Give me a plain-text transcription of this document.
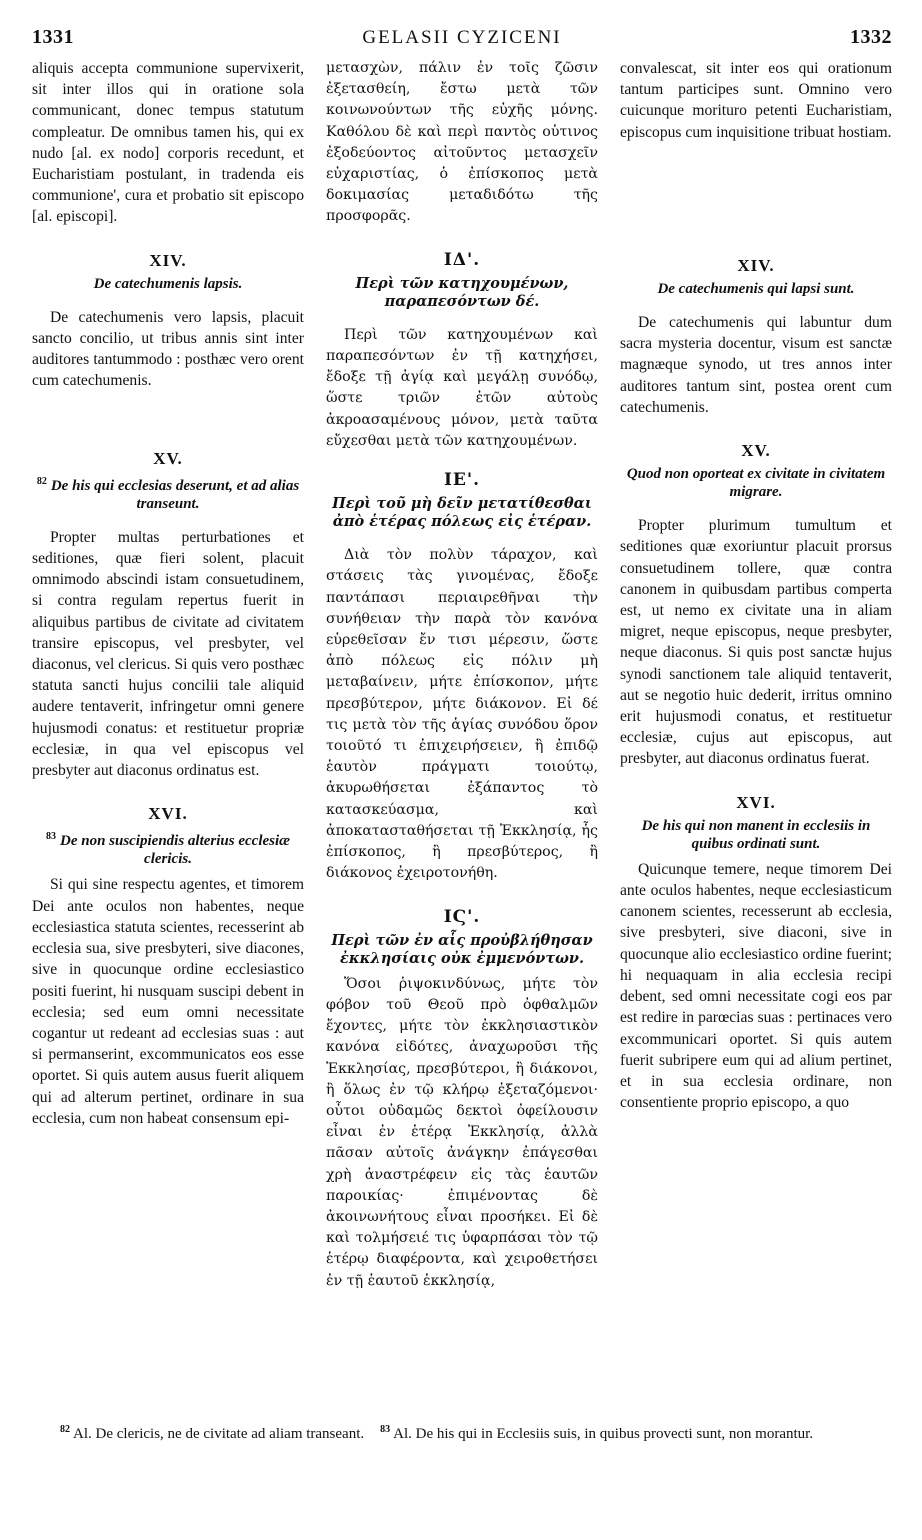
1331	GELASII CYZICENI	1332

aliquis accepta communione supervixerit, sit inter illos qui in oratione sola communicant, donec tempus statutum compleatur. De omnibus tamen his, qui ex nudo [al. ex nodo] corporis recedunt, et Eucharistiam postulant, in tradenda eis communione', cura et probatio sit episcopo [al. episcopi].

XIV.
De catechumenis lapsis.

De catechumenis vero lapsis, placuit sancto concilio, ut tribus annis sint inter auditores tantummodo : posthæc vero orent cum catechumenis.

XV.
$^{82}$ De his qui ecclesias deserunt, et ad alias transeunt.

Propter multas perturbationes et seditiones, quæ fieri solent, placuit omnimodo abscindi istam consuetudinem, si contra regulam repertus fuerit in aliquibus partibus de civitate ad civitatem transire episcopus, vel presbyter, vel diaconus, vel clericus. Si quis vero posthæc statuta sancti hujus concilii tale aliquid audere tentaverit, infringetur omni genere hujusmodi conatus: et restituetur propriæ ecclesiæ, in qua vel episcopus vel presbyter aut diaconus ordinatus est.

XVI.
$^{83}$ De non suscipiendis alterius ecclesiæ clericis.

Si qui sine respectu agentes, et timorem Dei ante oculos non habentes, neque ecclesiastica statuta scientes, recesserint ab ecclesia sua, sive presbyteri, sive diacones, sive in quocunque ordine ecclesiastico positi fuerint, hi nusquam suscipi debent in ecclesia; sed eum omni necessitate cogantur ut redeant ad ecclesias suas : aut si permanserint, excommunicatos eos esse oportet. Si quis autem ausus fuerit aliquem qui ad alterum pertinet, ordinare in sua ecclesia, cum non habeat consensum epi-

μετασχὼν, πάλιν ἐν τοῖς ζῶσιν ἐξετασθείη, ἔστω μετὰ τῶν κοινωνούντων τῆς εὐχῆς μόνης. Καθόλου δὲ καὶ περὶ παντὸς οὑτινος ἐξοδεύοντος αἰτοῦντος μετασχεῖν εὐχαριστίας, ὁ ἐπίσκοπος μετὰ δοκιμασίας μεταδιδότω τῆς προσφορᾶς.

ΙΔ'.
Περὶ τῶν κατηχουμένων, παραπεσόντων δέ.

Περὶ τῶν κατηχουμένων καὶ παραπεσόντων ἐν τῇ κατηχήσει, ἔδοξε τῇ ἁγίᾳ καὶ μεγάλῃ συνόδῳ, ὥστε τριῶν ἐτῶν αὐτοὺς ἀκροασαμένους μόνον, μετὰ ταῦτα εὔχεσθαι μετὰ τῶν κατηχουμένων.

ΙΕ'.
Περὶ τοῦ μὴ δεῖν μετατίθεσθαι ἀπὸ ἑτέρας πόλεως εἰς ἑτέραν.

Διὰ τὸν πολὺν τάραχον, καὶ στάσεις τὰς γινομένας, ἔδοξε παντάπασι περιαιρεθῆναι τὴν συνήθειαν τὴν παρὰ τὸν κανόνα εὑρεθεῖσαν ἔν τισι μέρεσιν, ὥστε ἀπὸ πόλεως εἰς πόλιν μὴ μεταβαίνειν, μήτε ἐπίσκοπον, μήτε πρεσβύτερον, μήτε διάκονον. Εἰ δέ τις μετὰ τὸν τῆς ἁγίας συνόδου ὅρον τοιοῦτό τι ἐπιχειρήσειεν, ἢ ἐπιδῷ ἑαυτὸν πράγματι τοιούτῳ, ἀκυρωθήσεται ἐξάπαντος τὸ κατασκεύασμα, καὶ ἀποκατασταθήσεται τῇ Ἐκκλησίᾳ, ἧς ἐπίσκοπος, ἢ πρεσβύτερος, ἢ διάκονος ἐχειροτονήθη.

ΙϚ'.
Περὶ τῶν ἐν αἷς προὐβλήθησαν ἐκκλησίαις οὐκ ἐμμενόντων.

Ὅσοι ῥιψοκινδύνως, μήτε τὸν φόβον τοῦ Θεοῦ πρὸ ὀφθαλμῶν ἔχοντες, μήτε τὸν ἐκκλησιαστικὸν κανόνα εἰδότες, ἀναχωροῦσι τῆς Ἐκκλησίας, πρεσβύτεροι, ἢ διάκονοι, ἢ ὅλως ἐν τῷ κλήρῳ ἐξεταζόμενοι· οὗτοι οὐδαμῶς δεκτοὶ ὀφείλουσιν εἶναι ἐν ἑτέρᾳ Ἐκκλησίᾳ, ἀλλὰ πᾶσαν αὐτοῖς ἀνάγκην ἐπάγεσθαι χρὴ ἀναστρέφειν εἰς τὰς ἑαυτῶν παροικίας· ἐπιμένοντας δὲ ἀκοινωνήτους εἶναι προσήκει. Εἰ δὲ καὶ τολμήσειέ τις ὑφαρπάσαι τὸν τῷ ἑτέρῳ διαφέροντα, καὶ χειροθετήσει ἐν τῇ ἑαυτοῦ ἐκκλησίᾳ,

convalescat, sit inter eos qui orationum tantum participes sunt. Omnino vero cuicunque morituro petenti Eucharistiam, episcopus cum inquisitione tribuat hostiam.

XIV.
De catechumenis qui lapsi sunt.

De catechumenis qui labuntur dum sacra mysteria docentur, visum est sanctæ magnæque synodo, ut tres annos inter auditores tantum sint, postea orent cum catechumenis.

XV.
Quod non oporteat ex civitate in civitatem migrare.

Propter plurimum tumultum et seditiones quæ exoriuntur placuit prorsus consuetudinem tollere, quæ contra canonem in quibusdam partibus comperta est, ut nemo ex civitate una in aliam migret, neque episcopus, neque presbyter, neque diaconus. Si quis post sanctæ hujus synodi sanctionem tale aliquid tentaverit, aut se negotio huic dederit, irritus omnino erit hujusmodi conatus, et restituetur ecclesiæ, cujus aut episcopus, aut presbyter, aut diaconus ordinatus fuerat.

XVI.
De his qui non manent in ecclesiis in quibus ordinati sunt.

Quicunque temere, neque timorem Dei ante oculos habentes, neque ecclesiasticum canonem scientes, recesserunt ab ecclesia, sive presbyteri, sive diaconi, sive in quocunque alio ecclesiastico ordine fuerint; hi nequaquam in alia ecclesia recipi debent, sed omni necessitate cogi eos par est redire in parœcias suas : pertinaces vero excommunicari oportet. Si quis autem fuerit subripere eum qui ad alium pertinet, et in sua ecclesia ordinare, non consentiente proprio episcopo, a quo

$^{82}$ Al. De clericis, ne de civitate ad aliam transeant. $^{83}$ Al. De his qui in Ecclesiis suis, in quibus provecti sunt, non morantur.
